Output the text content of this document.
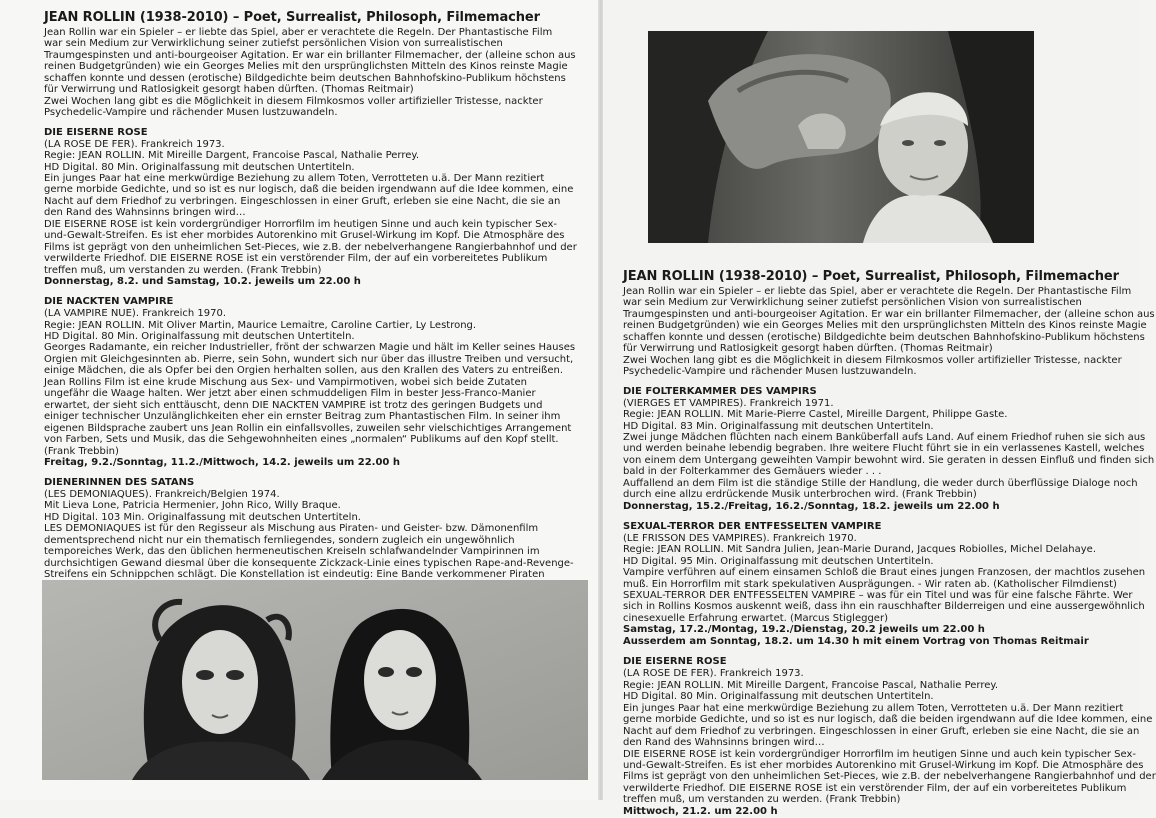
JEAN ROLLIN (1938-2010) – Poet, Surrealist, Philosoph, Filmemacher

Jean Rollin war ein Spieler – er liebte das Spiel, aber er verachtete die Regeln. Der Phantastische Film

war sein Medium zur Verwirklichung seiner zutiefst persönlichen Vision von surrealistischen

Traumgespinsten und anti-bourgeoiser Agitation. Er war ein brillanter Filmemacher, der (alleine schon aus

reinen Budgetgründen) wie ein Georges Melies mit den ursprünglichsten Mitteln des Kinos reinste Magie

schaffen konnte und dessen (erotische) Bildgedichte beim deutschen Bahnhofskino-Publikum höchstens

für Verwirrung und Ratlosigkeit gesorgt haben dürften. (Thomas Reitmair)

Zwei Wochen lang gibt es die Möglichkeit in diesem Filmkosmos voller artifizieller Tristesse, nackter

Psychedelic-Vampire und rächender Musen lustzuwandeln.

DIE EISERNE ROSE

(LA ROSE DE FER). Frankreich 1973.

Regie: JEAN ROLLIN. Mit Mireille Dargent, Francoise Pascal, Nathalie Perrey.

HD Digital. 80 Min. Originalfassung mit deutschen Untertiteln.

Ein junges Paar hat eine merkwürdige Beziehung zu allem Toten, Verrotteten u.ä. Der Mann rezitiert

gerne morbide Gedichte, und so ist es nur logisch, daß die beiden irgendwann auf die Idee kommen, eine

Nacht auf dem Friedhof zu verbringen. Eingeschlossen in einer Gruft, erleben sie eine Nacht, die sie an

den Rand des Wahnsinns bringen wird…

DIE EISERNE ROSE ist kein vordergründiger Horrorfilm im heutigen Sinne und auch kein typischer Sex-

und-Gewalt-Streifen. Es ist eher morbides Autorenkino mit Grusel-Wirkung im Kopf. Die Atmosphäre des

Films ist geprägt von den unheimlichen Set-Pieces, wie z.B. der nebelverhangene Rangierbahnhof und der

verwilderte Friedhof. DIE EISERNE ROSE ist ein verstörender Film, der auf ein vorbereitetes Publikum

treffen muß, um verstanden zu werden. (Frank Trebbin)

Donnerstag, 8.2. und Samstag, 10.2. jeweils um 22.00 h

DIE NACKTEN VAMPIRE

(LA VAMPIRE NUE). Frankreich 1970.

Regie: JEAN ROLLIN. Mit Oliver Martin, Maurice Lemaitre, Caroline Cartier, Ly Lestrong.

HD Digital. 80 Min. Originalfassung mit deutschen Untertiteln.

Georges Radamante, ein reicher Industrieller, frönt der schwarzen Magie und hält im Keller seines Hauses

Orgien mit Gleichgesinnten ab. Pierre, sein Sohn, wundert sich nur über das illustre Treiben und versucht,

einige Mädchen, die als Opfer bei den Orgien herhalten sollen, aus den Krallen des Vaters zu entreißen.

Jean Rollins Film ist eine krude Mischung aus Sex- und Vampirmotiven, wobei sich beide Zutaten

ungefähr die Waage halten. Wer jetzt aber einen schmuddeligen Film in bester Jess-Franco-Manier

erwartet, der sieht sich enttäuscht, denn DIE NACKTEN VAMPIRE ist trotz des geringen Budgets und

einiger technischer Unzulänglichkeiten eher ein ernster Beitrag zum Phantastischen Film. In seiner ihm

eigenen Bildsprache zaubert uns Jean Rollin ein einfallsvolles, zuweilen sehr vielschichtiges Arrangement

von Farben, Sets und Musik, das die Sehgewohnheiten eines „normalen“ Publikums auf den Kopf stellt.

(Frank Trebbin)

Freitag, 9.2./Sonntag, 11.2./Mittwoch, 14.2. jeweils um 22.00 h

DIENERINNEN DES SATANS

(LES DEMONIAQUES). Frankreich/Belgien 1974.

Mit Lieva Lone, Patricia Hermenier, John Rico, Willy Braque.

HD Digital. 103 Min. Originalfassung mit deutschen Untertiteln.

LES DEMONIAQUES ist für den Regisseur als Mischung aus Piraten- und Geister- bzw. Dämonenfilm

dementsprechend nicht nur ein thematisch fernliegendes, sondern zugleich ein ungewöhnlich

temporeiches Werk, das den üblichen hermeneutischen Kreiseln schlafwandelnder Vampirinnen im

durchsichtigen Gewand diesmal über die konsequente Zickzack-Linie eines typischen Rape-and-Revenge-

Streifens ein Schnippchen schlägt. Die Konstellation ist eindeutig: Eine Bande verkommener Piraten

JEAN ROLLIN (1938-2010) – Poet, Surrealist, Philosoph, Filmemacher

Jean Rollin war ein Spieler – er liebte das Spiel, aber er verachtete die Regeln. Der Phantastische Film

war sein Medium zur Verwirklichung seiner zutiefst persönlichen Vision von surrealistischen

Traumgespinsten und anti-bourgeoiser Agitation. Er war ein brillanter Filmemacher, der (alleine schon aus

reinen Budgetgründen) wie ein Georges Melies mit den ursprünglichsten Mitteln des Kinos reinste Magie

schaffen konnte und dessen (erotische) Bildgedichte beim deutschen Bahnhofskino-Publikum höchstens

für Verwirrung und Ratlosigkeit gesorgt haben dürften. (Thomas Reitmair)

Zwei Wochen lang gibt es die Möglichkeit in diesem Filmkosmos voller artifizieller Tristesse, nackter

Psychedelic-Vampire und rächender Musen lustzuwandeln.

DIE FOLTERKAMMER DES VAMPIRS

(VIERGES ET VAMPIRES). Frankreich 1971.

Regie: JEAN ROLLIN. Mit Marie-Pierre Castel, Mireille Dargent, Philippe Gaste.

HD Digital. 83 Min. Originalfassung mit deutschen Untertiteln.

Zwei junge Mädchen flüchten nach einem Banküberfall aufs Land. Auf einem Friedhof ruhen sie sich aus

und werden beinahe lebendig begraben. Ihre weitere Flucht führt sie in ein verlassenes Kastell, welches

von einem dem Untergang geweihten Vampir bewohnt wird. Sie geraten in dessen Einfluß und finden sich

bald in der Folterkammer des Gemäuers wieder . . .

Auffallend an dem Film ist die ständige Stille der Handlung, die weder durch überflüssige Dialoge noch

durch eine allzu erdrückende Musik unterbrochen wird. (Frank Trebbin)

Donnerstag, 15.2./Freitag, 16.2./Sonntag, 18.2. jeweils um 22.00 h

SEXUAL-TERROR DER ENTFESSELTEN VAMPIRE

(LE FRISSON DES VAMPIRES). Frankreich 1970.

Regie: JEAN ROLLIN. Mit Sandra Julien, Jean-Marie Durand, Jacques Robiolles, Michel Delahaye.

HD Digital. 95 Min. Originalfassung mit deutschen Untertiteln.

Vampire verführen auf einem einsamen Schloß die Braut eines jungen Franzosen, der machtlos zusehen

muß. Ein Horrorfilm mit stark spekulativen Ausprägungen. - Wir raten ab. (Katholischer Filmdienst)

SEXUAL-TERROR DER ENTFESSELTEN VAMPIRE – was für ein Titel und was für eine falsche Fährte. Wer

sich in Rollins Kosmos auskennt weiß, dass ihn ein rauschhafter Bilderreigen und eine aussergewöhnlich

cinesexuelle Erfahrung erwartet. (Marcus Stiglegger)

Samstag, 17.2./Montag, 19.2./Dienstag, 20.2 jeweils um 22.00 h

Ausserdem am Sonntag, 18.2. um 14.30 h mit einem Vortrag von Thomas Reitmair

DIE EISERNE ROSE

(LA ROSE DE FER). Frankreich 1973.

Regie: JEAN ROLLIN. Mit Mireille Dargent, Francoise Pascal, Nathalie Perrey.

HD Digital. 80 Min. Originalfassung mit deutschen Untertiteln.

Ein junges Paar hat eine merkwürdige Beziehung zu allem Toten, Verrotteten u.ä. Der Mann rezitiert

gerne morbide Gedichte, und so ist es nur logisch, daß die beiden irgendwann auf die Idee kommen, eine

Nacht auf dem Friedhof zu verbringen. Eingeschlossen in einer Gruft, erleben sie eine Nacht, die sie an

den Rand des Wahnsinns bringen wird…

DIE EISERNE ROSE ist kein vordergründiger Horrorfilm im heutigen Sinne und auch kein typischer Sex-

und-Gewalt-Streifen. Es ist eher morbides Autorenkino mit Grusel-Wirkung im Kopf. Die Atmosphäre des

Films ist geprägt von den unheimlichen Set-Pieces, wie z.B. der nebelverhangene Rangierbahnhof und der

verwilderte Friedhof. DIE EISERNE ROSE ist ein verstörender Film, der auf ein vorbereitetes Publikum

treffen muß, um verstanden zu werden. (Frank Trebbin)

Mittwoch, 21.2. um 22.00 h
